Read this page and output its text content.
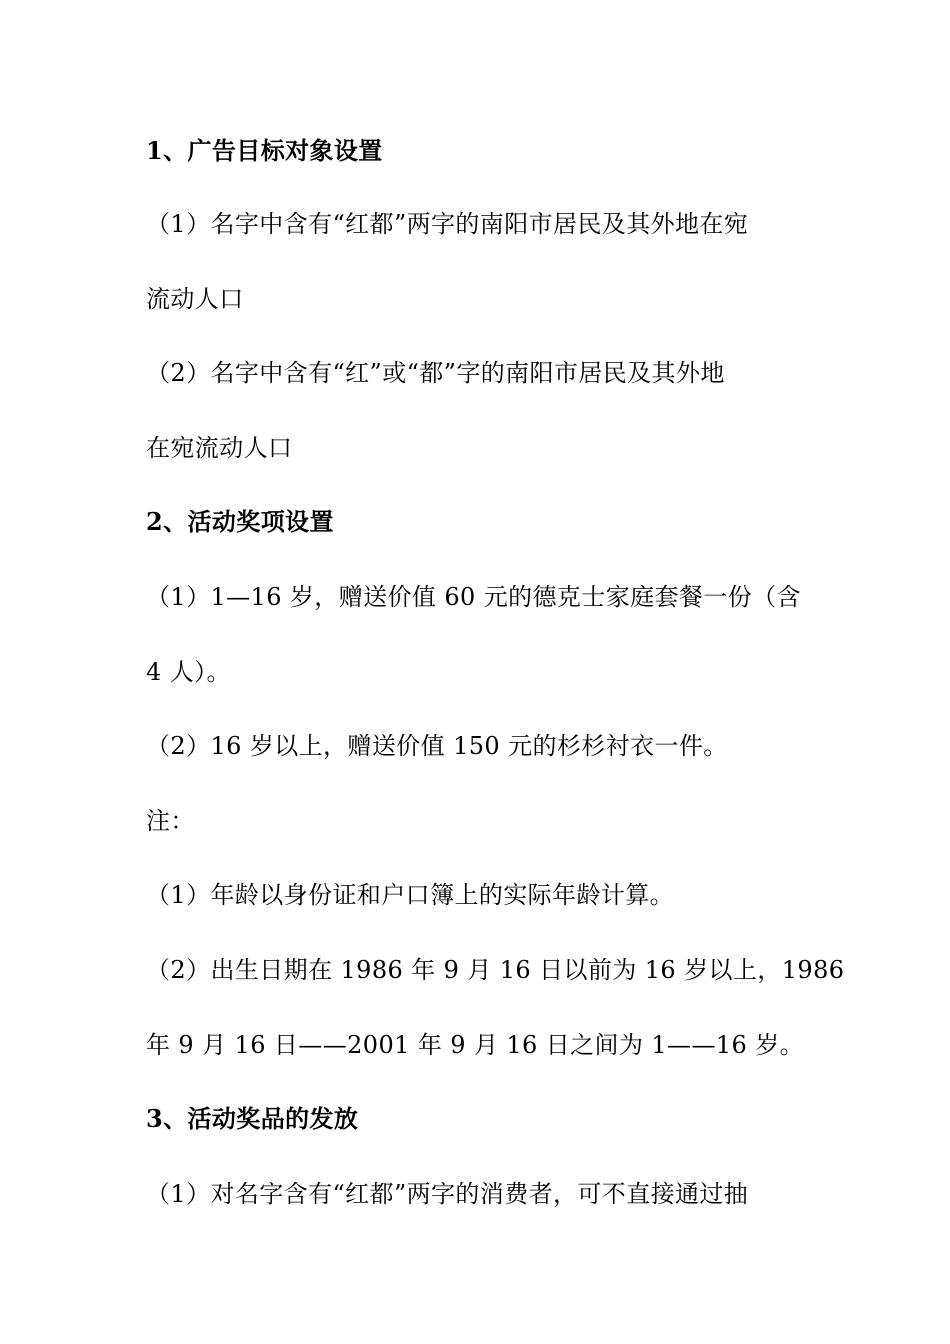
1、广告目标对象设置
（1）名字中含有“红都”两字的南阳市居民及其外地在宛
流动人口
（2）名字中含有“红”或“都”字的南阳市居民及其外地
在宛流动人口
2、活动奖项设置
（1）1—16 岁，赠送价值 60 元的德克士家庭套餐一份（含
4 人）。
（2）16 岁以上，赠送价值 150 元的杉杉衬衣一件。
注：
（1）年龄以身份证和户口簿上的实际年龄计算。
（2）出生日期在 1986 年 9 月 16 日以前为 16 岁以上，1986
年 9 月 16 日——2001 年 9 月 16 日之间为 1——16 岁。
3、活动奖品的发放
（1）对名字含有“红都”两字的消费者，可不直接通过抽
